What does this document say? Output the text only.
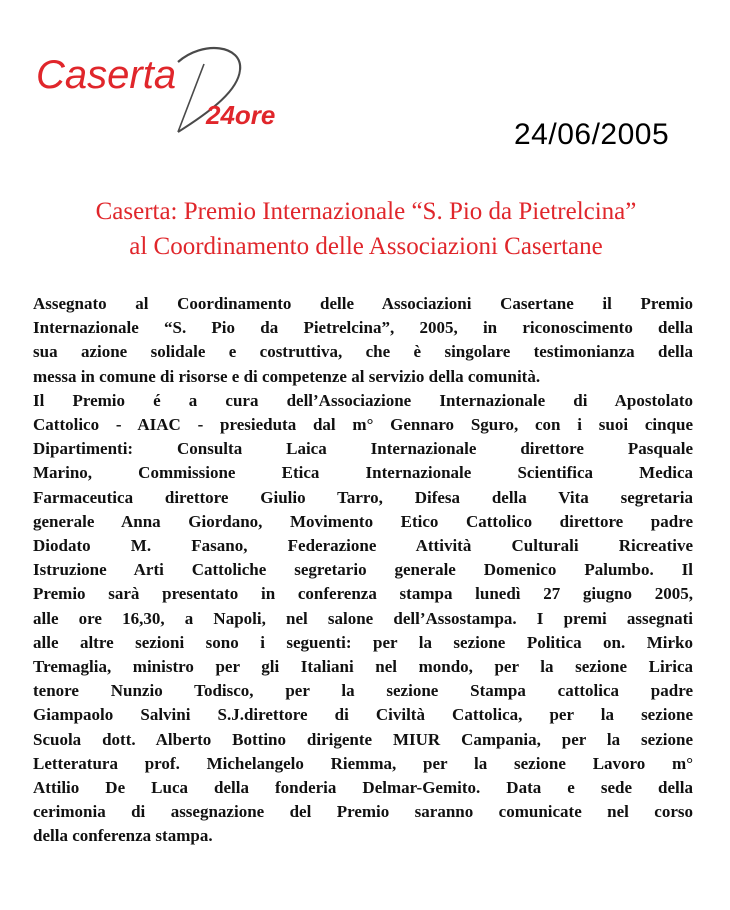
Caserta
24ore
24/06/2005
Caserta: Premio Internazionale “S. Pio da Pietrelcina”
al Coordinamento delle Associazioni Casertane
Assegnato al Coordinamento delle Associazioni Casertane il Premio
Internazionale “S. Pio da Pietrelcina”, 2005, in riconoscimento della
sua azione solidale e costruttiva, che è singolare testimonianza della
messa in comune di risorse e di competenze al servizio della comunità.
Il Premio é a cura dell’Associazione Internazionale di Apostolato
Cattolico - AIAC - presieduta dal m° Gennaro Sguro, con i suoi cinque
Dipartimenti: Consulta Laica Internazionale direttore Pasquale
Marino, Commissione Etica Internazionale Scientifica Medica
Farmaceutica direttore Giulio Tarro, Difesa della Vita segretaria
generale Anna Giordano, Movimento Etico Cattolico direttore padre
Diodato M. Fasano, Federazione Attività Culturali Ricreative
Istruzione Arti Cattoliche segretario generale Domenico Palumbo. Il
Premio sarà presentato in conferenza stampa lunedì 27 giugno 2005,
alle ore 16,30, a Napoli, nel salone dell’Assostampa. I premi assegnati
alle altre sezioni sono i seguenti: per la sezione Politica on. Mirko
Tremaglia, ministro per gli Italiani nel mondo, per la sezione Lirica
tenore Nunzio Todisco, per la sezione Stampa cattolica padre
Giampaolo Salvini S.J.direttore di Civiltà Cattolica, per la sezione
Scuola dott. Alberto Bottino dirigente MIUR Campania, per la sezione
Letteratura prof. Michelangelo Riemma, per la sezione Lavoro m°
Attilio De Luca della fonderia Delmar-Gemito. Data e sede della
cerimonia di assegnazione del Premio saranno comunicate nel corso
della conferenza stampa.
